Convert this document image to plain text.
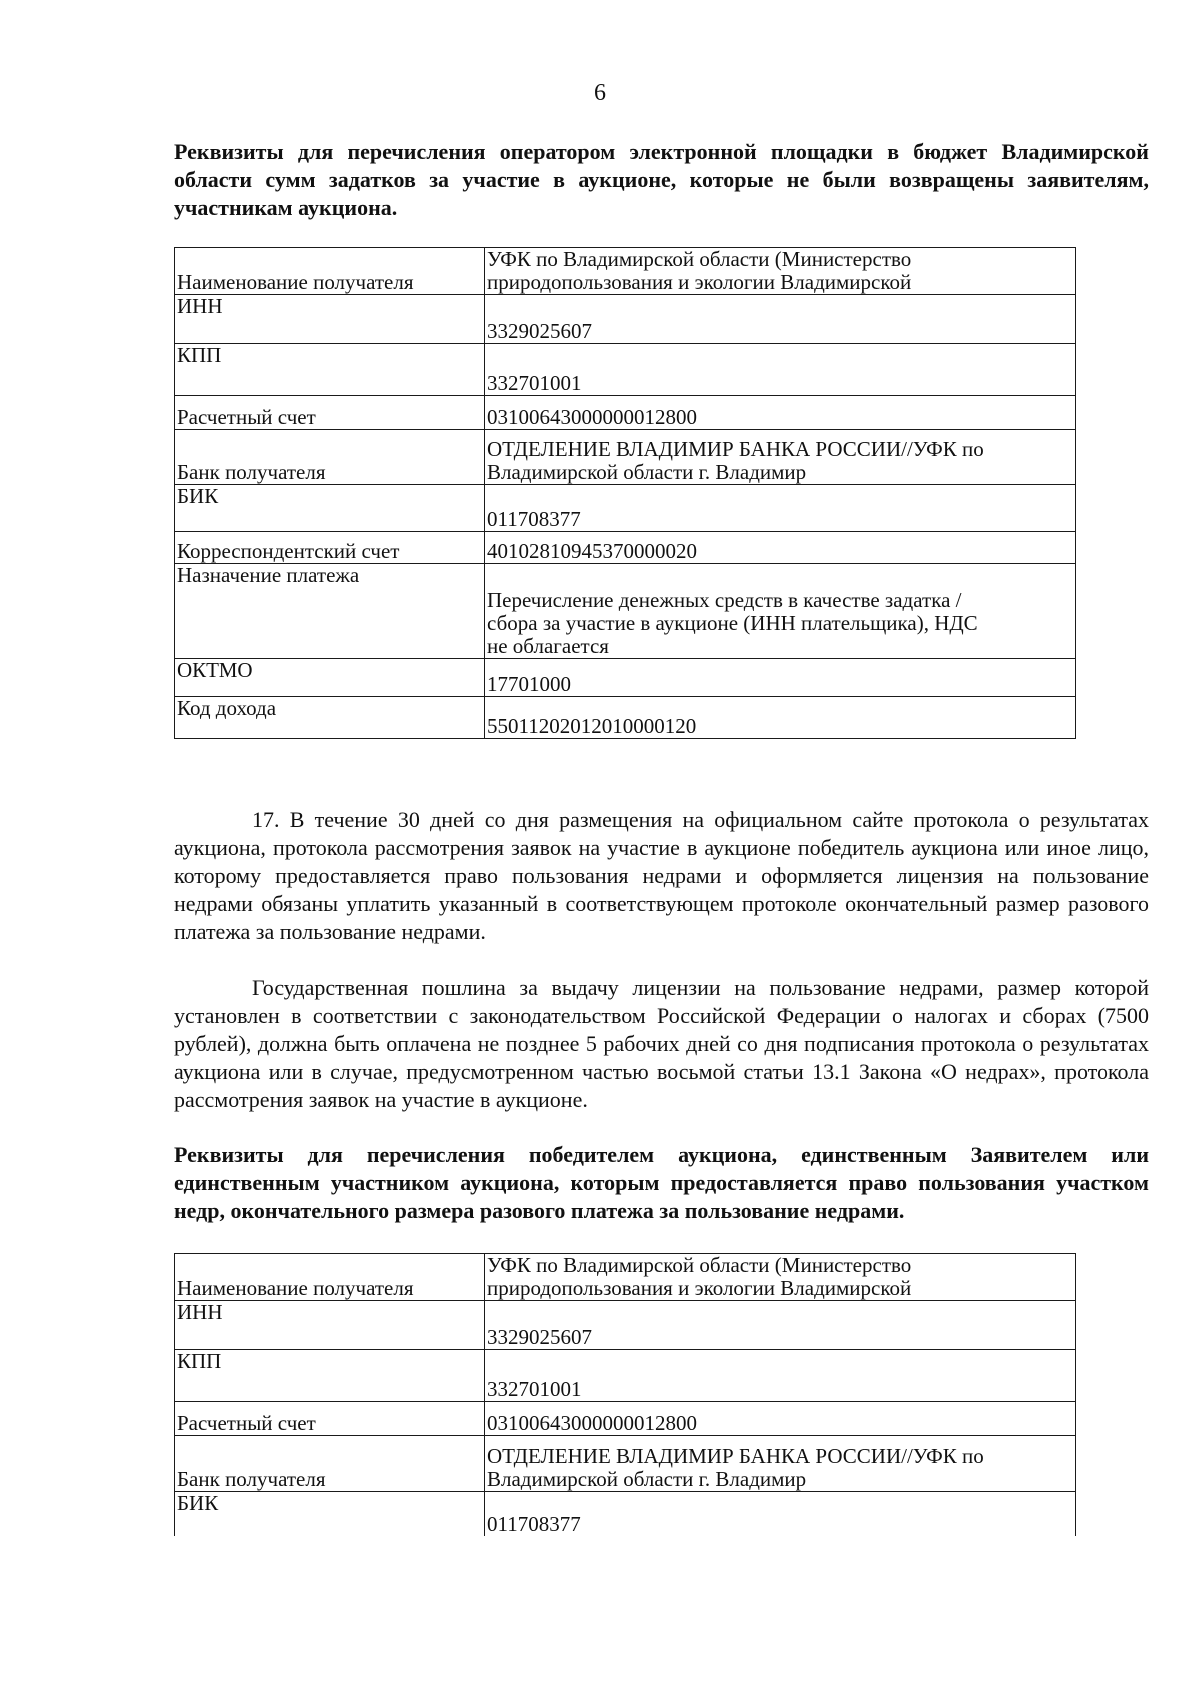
6
Реквизиты для перечисления оператором электронной площадки в бюджет Владимирской области сумм задатков за участие в аукционе, которые не были возвращены заявителям, участникам аукциона.
Наименование получателя	УФК по Владимирской области (Министерство
природопользования и экологии Владимирской

ИНН	3329025607
КПП	332701001
Расчетный счет	03100643000000012800
Банк получателя	ОТДЕЛЕНИЕ ВЛАДИМИР БАНКА РОССИИ//УФК по
Владимирской области г. Владимир

БИК	011708377
Корреспондентский счет	40102810945370000020
Назначение платежа	Перечисление денежных средств в качестве задатка /
сбора за участие в аукционе (ИНН плательщика), НДС
не облагается

ОКТМО	17701000
Код дохода	55011202012010000120

17. В течение 30 дней со дня размещения на официальном сайте протокола о результатах аукциона, протокола рассмотрения заявок на участие в аукционе победитель аукциона или иное лицо, которому предоставляется право пользования недрами и оформляется лицензия на пользование недрами обязаны уплатить указанный в соответствующем протоколе окончательный размер разового платежа за пользование недрами.

Государственная пошлина за выдачу лицензии на пользование недрами, размер которой установлен в соответствии с законодательством Российской Федерации о налогах и сборах (7500 рублей), должна быть оплачена не позднее 5 рабочих дней со дня подписания протокола о результатах аукциона или в случае, предусмотренном частью восьмой статьи 13.1 Закона «О недрах», протокола рассмотрения заявок на участие в аукционе.

Реквизиты для перечисления победителем аукциона, единственным Заявителем или единственным участником аукциона, которым предоставляется право пользования участком недр, окончательного размера разового платежа за пользование недрами.
Наименование получателя	УФК по Владимирской области (Министерство
природопользования и экологии Владимирской

ИНН	3329025607
КПП	332701001
Расчетный счет	03100643000000012800
Банк получателя	ОТДЕЛЕНИЕ ВЛАДИМИР БАНКА РОССИИ//УФК по
Владимирской области г. Владимир

БИК	011708377
